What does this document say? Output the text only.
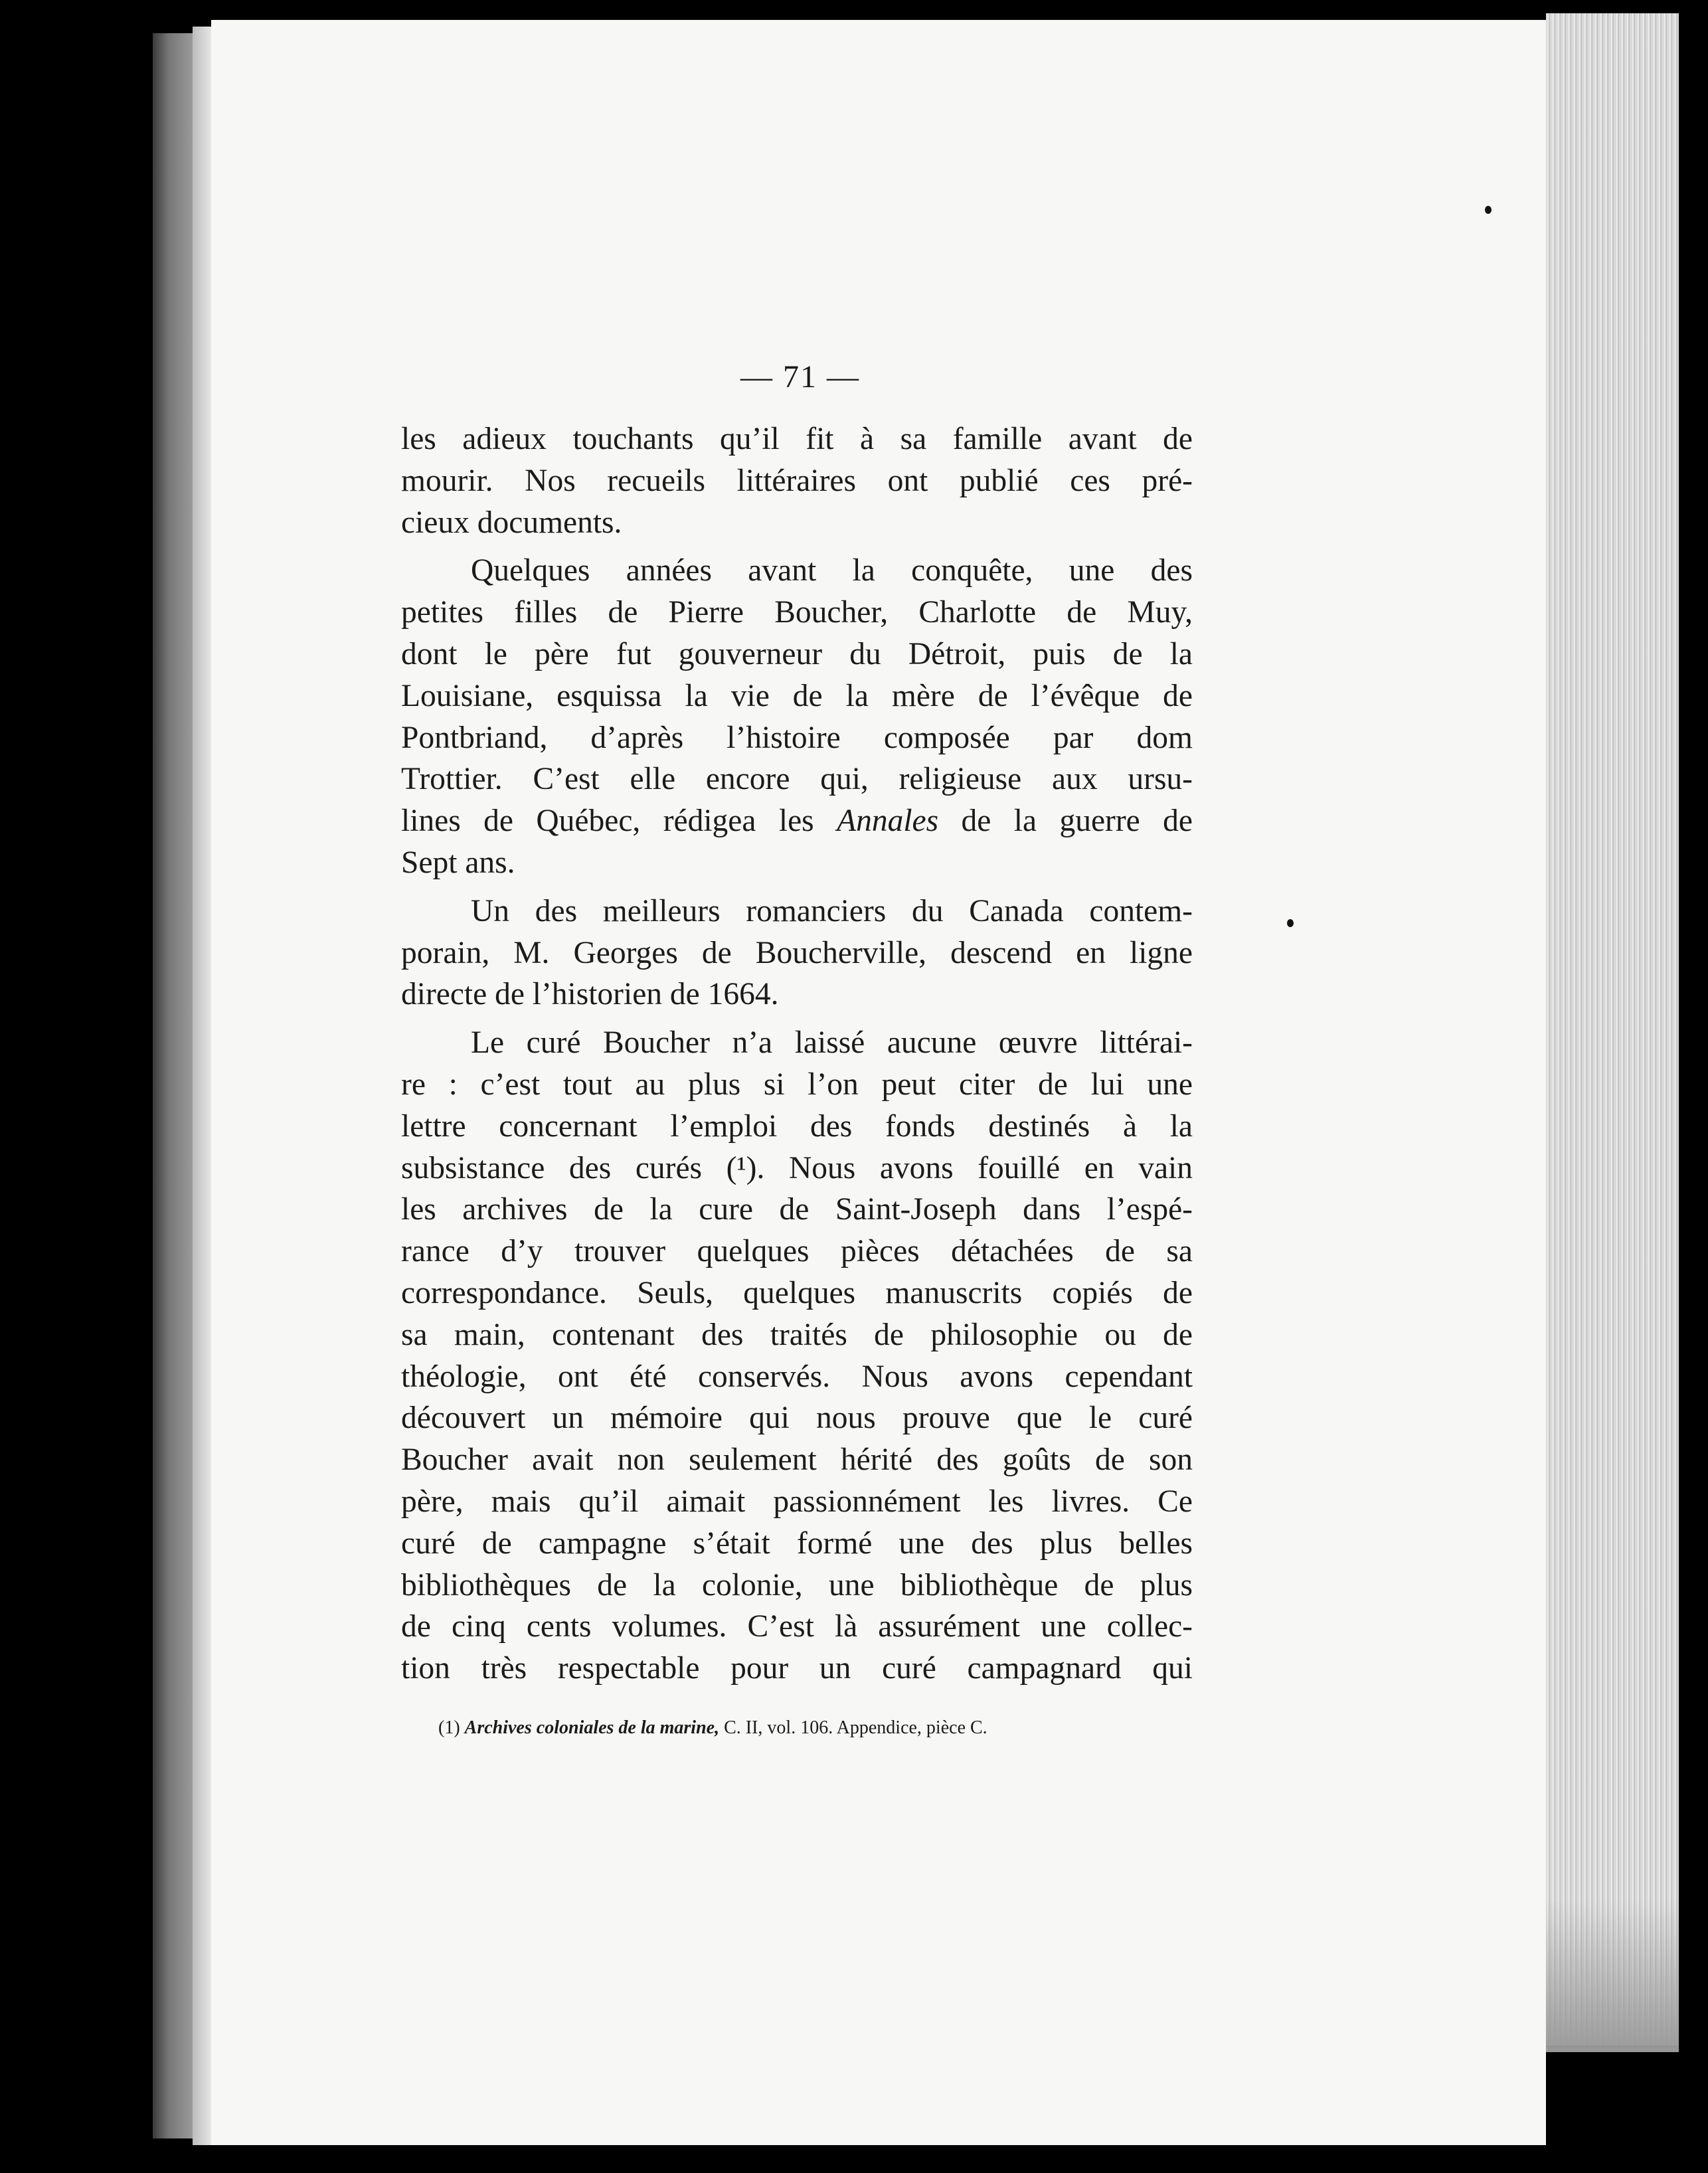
— 71 —
les adieux touchants qu’il fit à sa famille avant de
mourir. Nos recueils littéraires ont publié ces pré-
cieux documents.
Quelques années avant la conquête, une des
petites filles de Pierre Boucher, Charlotte de Muy,
dont le père fut gouverneur du Détroit, puis de la
Louisiane, esquissa la vie de la mère de l’évêque de
Pontbriand, d’après l’histoire composée par dom
Trottier. C’est elle encore qui, religieuse aux ursu-
lines de Québec, rédigea les Annales de la guerre de
Sept ans.
Un des meilleurs romanciers du Canada contem-
porain, M. Georges de Boucherville, descend en ligne
directe de l’historien de 1664.
Le curé Boucher n’a laissé aucune œuvre littérai-
re : c’est tout au plus si l’on peut citer de lui une
lettre concernant l’emploi des fonds destinés à la
subsistance des curés (¹). Nous avons fouillé en vain
les archives de la cure de Saint-Joseph dans l’espé-
rance d’y trouver quelques pièces détachées de sa
correspondance. Seuls, quelques manuscrits copiés de
sa main, contenant des traités de philosophie ou de
théologie, ont été conservés. Nous avons cependant
découvert un mémoire qui nous prouve que le curé
Boucher avait non seulement hérité des goûts de son
père, mais qu’il aimait passionnément les livres. Ce
curé de campagne s’était formé une des plus belles
bibliothèques de la colonie, une bibliothèque de plus
de cinq cents volumes. C’est là assurément une collec-
tion très respectable pour un curé campagnard qui
(1) Archives coloniales de la marine, C. II, vol. 106. Appendice, pièce C.
